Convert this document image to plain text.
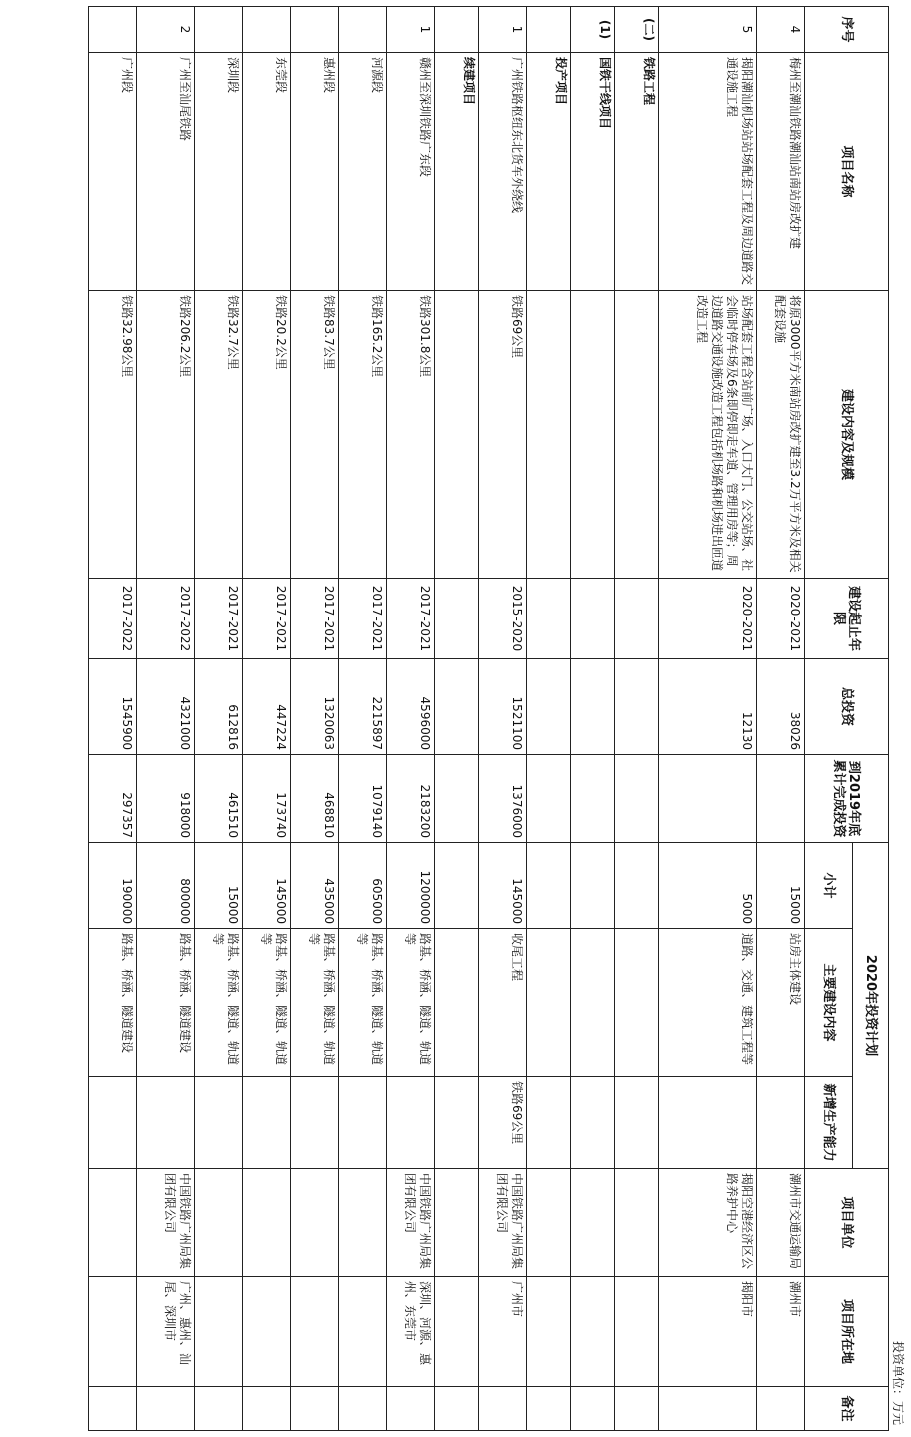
投资单位：万元
序号	项目名称	建设内容及规模	建设起止年限	总投资	到2019年底累计完成投资	2020年投资计划			项目单位	项目所在地	备注
						小计	主要建设内容	新增生产能力			
4	梅州至潮汕铁路潮汕站南站房改扩建	将原3000平方米南站房改扩建至3.2万平方米及相关配套设施	2020-2021	38026		15000	站房主体建设		潮州市交通运输局	潮州市	
5	揭阳潮汕机场站站场配套工程及周边道路交通设施工程	站场配套工程含站前广场、入口大门、公交站场、社会临时停车场及6条即停即走车道、管理用房等；周边道路交通设施改造工程包括机场路和机场进出匝道改造工程	2020-2021	12130		5000	道路、交通、建筑工程等		揭阳空港经济区公路养护中心	揭阳市	
(二)	铁路工程										
(1)	国铁干线项目										
	投产项目										
1	广州铁路枢纽东北货车外绕线	铁路69公里	2015-2020	1521100	1376000	145000	收尾工程	铁路69公里	中国铁路广州局集团有限公司	广州市	
	续建项目										
1	赣州至深圳铁路广东段	铁路301.8公里	2017-2021	4596000	2183200	1200000	路基、桥涵、隧道、轨道等		中国铁路广州局集团有限公司	深圳、河源、惠州、东莞市	
	河源段	铁路165.2公里	2017-2021	2215897	1079140	605000	路基、桥涵、隧道、轨道等				
	惠州段	铁路83.7公里	2017-2021	1320063	468810	435000	路基、桥涵、隧道、轨道等				
	东莞段	铁路20.2公里	2017-2021	447224	173740	145000	路基、桥涵、隧道、轨道等				
	深圳段	铁路32.7公里	2017-2021	612816	461510	15000	路基、桥涵、隧道、轨道等				
2	广州至汕尾铁路	铁路206.2公里	2017-2022	4321000	918000	800000	路基、桥涵、隧道建设		中国铁路广州局集团有限公司	广州、惠州、汕尾、深圳市	
	广州段	铁路32.98公里	2017-2022	1545900	297357	190000	路基、桥涵、隧道建设				
